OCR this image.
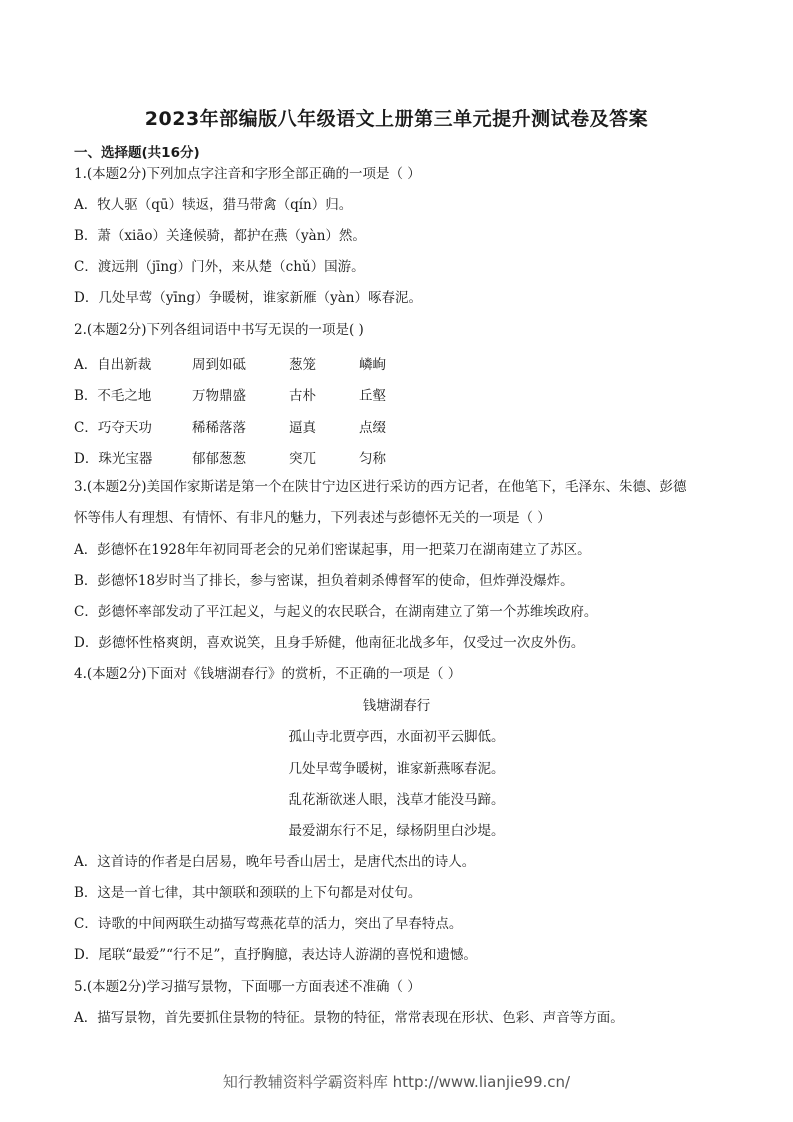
2023年部编版八年级语文上册第三单元提升测试卷及答案
一、选择题(共16分)
1.(本题2分)下列加点字注音和字形全部正确的一项是（ ）
A．牧人驱（qū）犊返，猎马带禽（qín）归。
B．萧（xiāo）关逢候骑，都护在燕（yàn）然。
C．渡远荆（jīng）门外，来从楚（chǔ）国游。
D．几处早莺（yīng）争暖树，谁家新雁（yàn）啄春泥。
2.(本题2分)下列各组词语中书写无误的一项是( )
A．自出新裁	周到如砥	葱笼	嶙峋
B．不毛之地	万物鼎盛	古朴	丘壑
C．巧夺天功	稀稀落落	逼真	点缀
D．珠光宝器	郁郁葱葱	突兀	匀称
3.(本题2分)美国作家斯诺是第一个在陕甘宁边区进行采访的西方记者，在他笔下，毛泽东、朱德、彭德
怀等伟人有理想、有情怀、有非凡的魅力，下列表述与彭德怀无关的一项是（ ）
A．彭德怀在1928年年初同哥老会的兄弟们密谋起事，用一把菜刀在湖南建立了苏区。
B．彭德怀18岁时当了排长，参与密谋，担负着刺杀傅督军的使命，但炸弹没爆炸。
C．彭德怀率部发动了平江起义，与起义的农民联合，在湖南建立了第一个苏维埃政府。
D．彭德怀性格爽朗，喜欢说笑，且身手矫健，他南征北战多年，仅受过一次皮外伤。
4.(本题2分)下面对《钱塘湖春行》的赏析，不正确的一项是（ ）
钱塘湖春行
孤山寺北贾亭西，水面初平云脚低。
几处早莺争暖树，谁家新燕啄春泥。
乱花渐欲迷人眼，浅草才能没马蹄。
最爱湖东行不足，绿杨阴里白沙堤。
A．这首诗的作者是白居易，晚年号香山居士，是唐代杰出的诗人。
B．这是一首七律，其中颔联和颈联的上下句都是对仗句。
C．诗歌的中间两联生动描写莺燕花草的活力，突出了早春特点。
D．尾联“最爱”“行不足”，直抒胸臆，表达诗人游湖的喜悦和遗憾。
5.(本题2分)学习描写景物，下面哪一方面表述不准确（ ）
A．描写景物，首先要抓住景物的特征。景物的特征，常常表现在形状、色彩、声音等方面。
知行教辅资料学霸资料库 http://www.lianjie99.cn/
